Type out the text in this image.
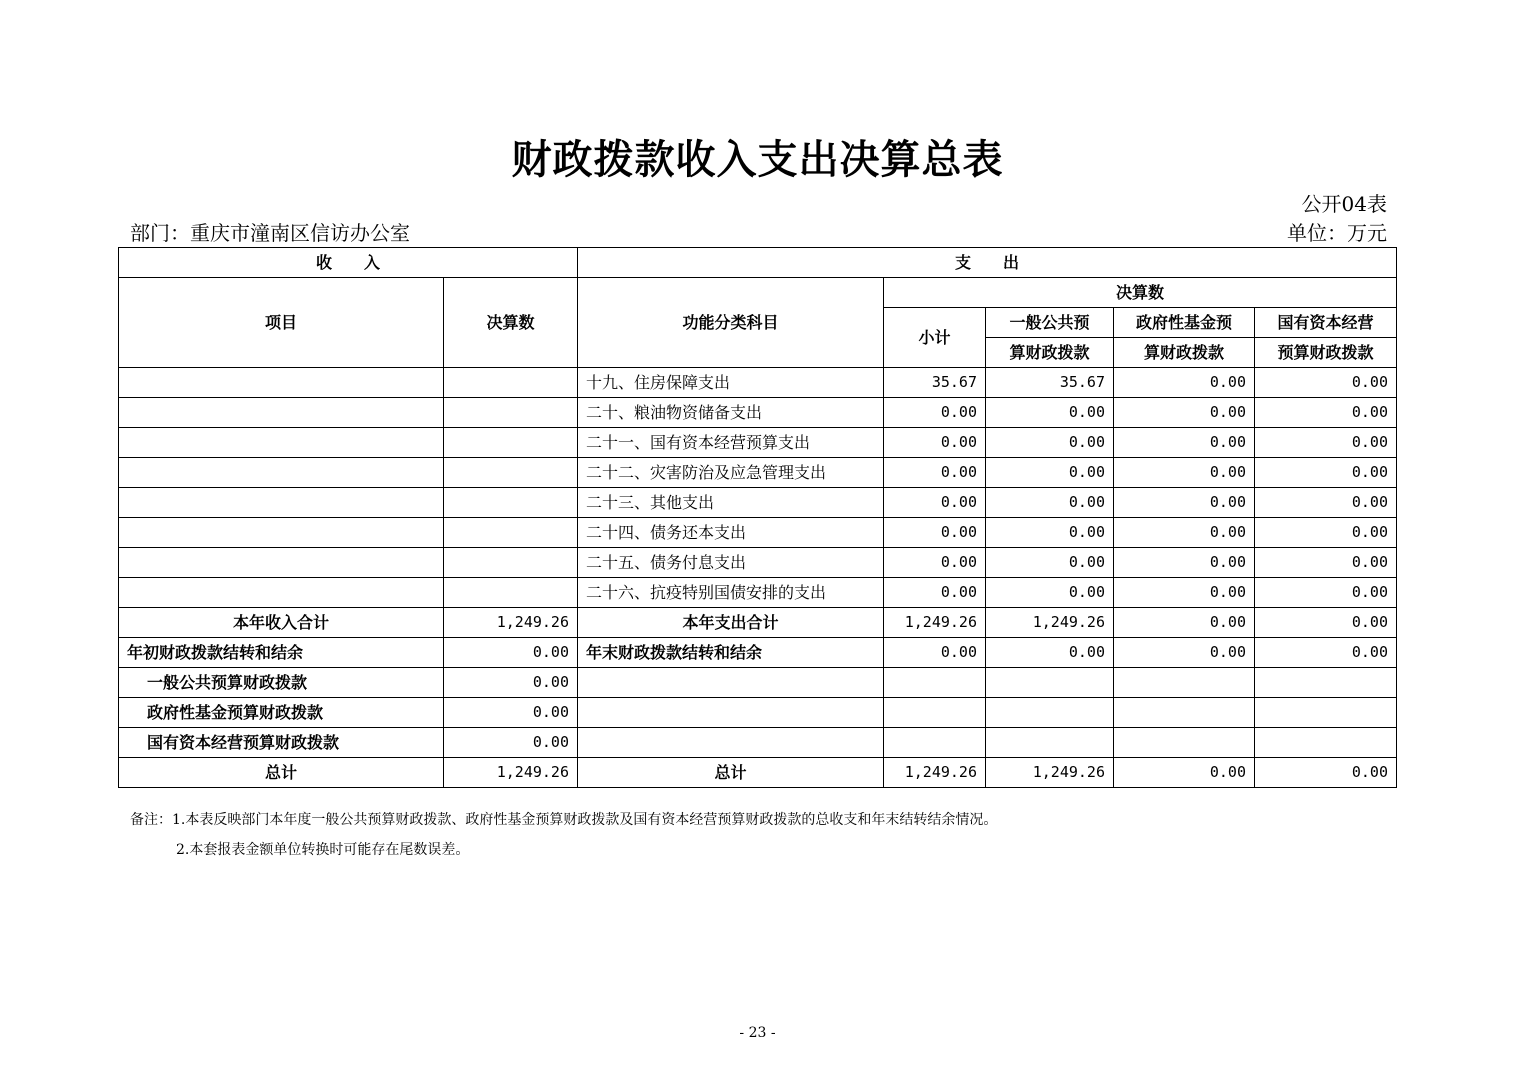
财政拨款收入支出决算总表
公开04表
部门：重庆市潼南区信访办公室	单位：万元
收　　入		支　　出				
项目	决算数	功能分类科目	决算数			
			小计	一般公共预	政府性基金预	国有资本经营
				算财政拨款	算财政拨款	预算财政拨款
		十九、住房保障支出	35.67	35.67	0.00	0.00
		二十、粮油物资储备支出	0.00	0.00	0.00	0.00
		二十一、国有资本经营预算支出	0.00	0.00	0.00	0.00
		二十二、灾害防治及应急管理支出	0.00	0.00	0.00	0.00
		二十三、其他支出	0.00	0.00	0.00	0.00
		二十四、债务还本支出	0.00	0.00	0.00	0.00
		二十五、债务付息支出	0.00	0.00	0.00	0.00
		二十六、抗疫特别国债安排的支出	0.00	0.00	0.00	0.00
本年收入合计	1,249.26	本年支出合计	1,249.26	1,249.26	0.00	0.00
年初财政拨款结转和结余	0.00	年末财政拨款结转和结余	0.00	0.00	0.00	0.00
一般公共预算财政拨款	0.00					
政府性基金预算财政拨款	0.00					
国有资本经营预算财政拨款	0.00					
总计	1,249.26	总计	1,249.26	1,249.26	0.00	0.00
备注：1.本表反映部门本年度一般公共预算财政拨款、政府性基金预算财政拨款及国有资本经营预算财政拨款的总收支和年末结转结余情况。
2.本套报表金额单位转换时可能存在尾数误差。
- 23 -
